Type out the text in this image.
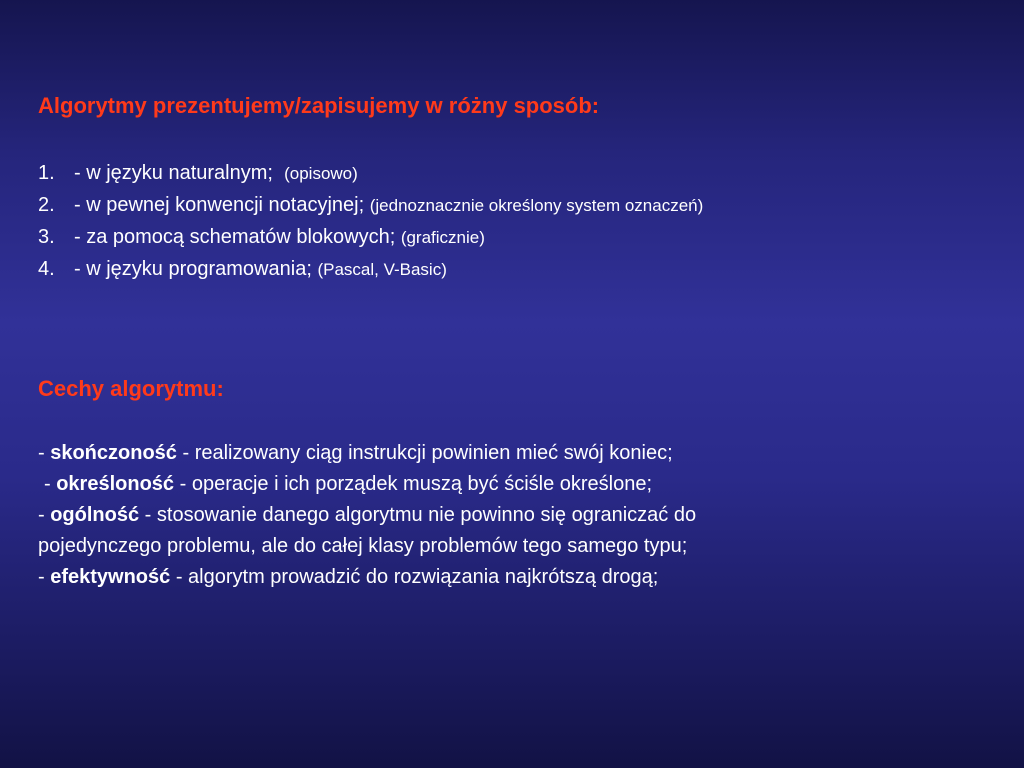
Algorytmy prezentujemy/zapisujemy w różny sposób:
1. - w języku naturalnym; (opisowo)
2. - w pewnej konwencji notacyjnej; (jednoznacznie określony system oznaczeń)
3. - za pomocą schematów blokowych; (graficznie)
4. - w języku programowania; (Pascal, V-Basic)
Cechy algorytmu:
- skończoność - realizowany ciąg instrukcji powinien mieć swój koniec;
- określoność - operacje i ich porządek muszą być ściśle określone;
- ogólność - stosowanie danego algorytmu nie powinno się ograniczać do
pojedynczego problemu, ale do całej klasy problemów tego samego typu;
- efektywność - algorytm prowadzić do rozwiązania najkrótszą drogą;
